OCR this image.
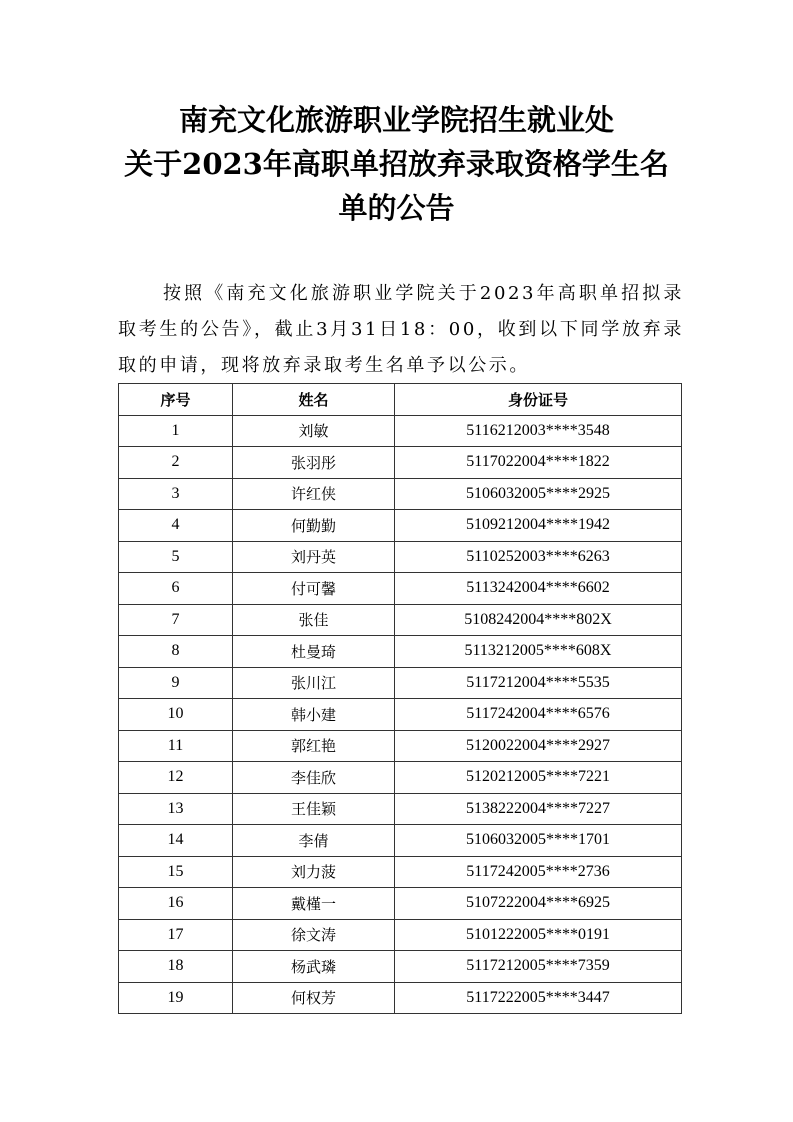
南充文化旅游职业学院招生就业处
关于2023年高职单招放弃录取资格学生名
单的公告
按照《南充文化旅游职业学院关于2023年高职单招拟录取考生的公告》，截止3月31日18：00，收到以下同学放弃录取的申请，现将放弃录取考生名单予以公示。
序号	姓名	身份证号
1	刘敏	5116212003****3548
2	张羽彤	5117022004****1822
3	许红侠	5106032005****2925
4	何勤勤	5109212004****1942
5	刘丹英	5110252003****6263
6	付可馨	5113242004****6602
7	张佳	5108242004****802X
8	杜曼琦	5113212005****608X
9	张川江	5117212004****5535
10	韩小建	5117242004****6576
11	郭红艳	5120022004****2927
12	李佳欣	5120212005****7221
13	王佳颖	5138222004****7227
14	李倩	5106032005****1701
15	刘力菠	5117242005****2736
16	戴槿一	5107222004****6925
17	徐文涛	5101222005****0191
18	杨武璘	5117212005****7359
19	何权芳	5117222005****3447
